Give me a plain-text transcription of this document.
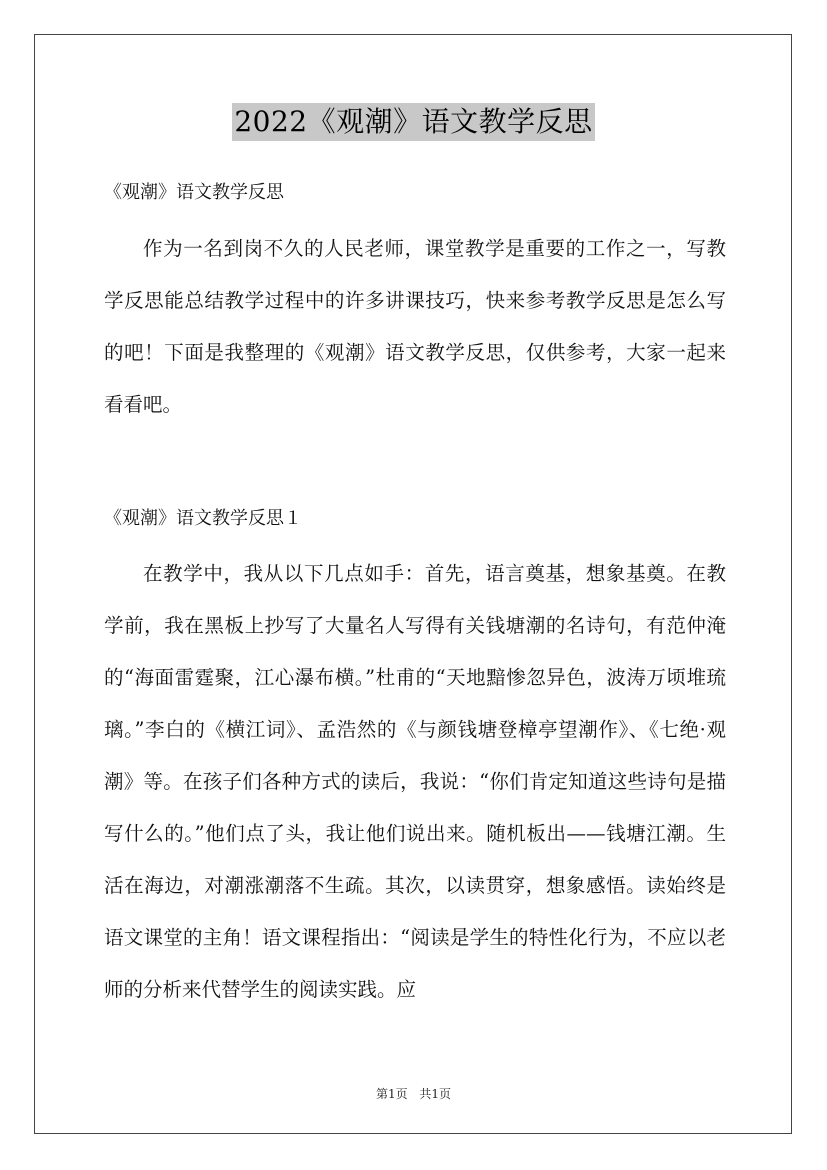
2022《观潮》语文教学反思
《观潮》语文教学反思

作为一名到岗不久的人民老师，课堂教学是重要的工作之一，写教学反思能总结教学过程中的许多讲课技巧，快来参考教学反思是怎么写的吧！下面是我整理的《观潮》语文教学反思，仅供参考，大家一起来看看吧。

《观潮》语文教学反思１

在教学中，我从以下几点如手：首先，语言奠基，想象基奠。在教学前，我在黑板上抄写了大量名人写得有关钱塘潮的名诗句，有范仲淹的“海面雷霆聚，江心瀑布横。”杜甫的“天地黯惨忽异色，波涛万顷堆琉璃。”李白的《横江词》、孟浩然的《与颜钱塘登樟亭望潮作》、《七绝·观潮》等。在孩子们各种方式的读后，我说：“你们肯定知道这些诗句是描写什么的。”他们点了头，我让他们说出来。随机板出——钱塘江潮。生活在海边，对潮涨潮落不生疏。其次，以读贯穿，想象感悟。读始终是语文课堂的主角！语文课程指出：“阅读是学生的特性化行为，不应以老师的分析来代替学生的阅读实践。应

第1页 共1页
